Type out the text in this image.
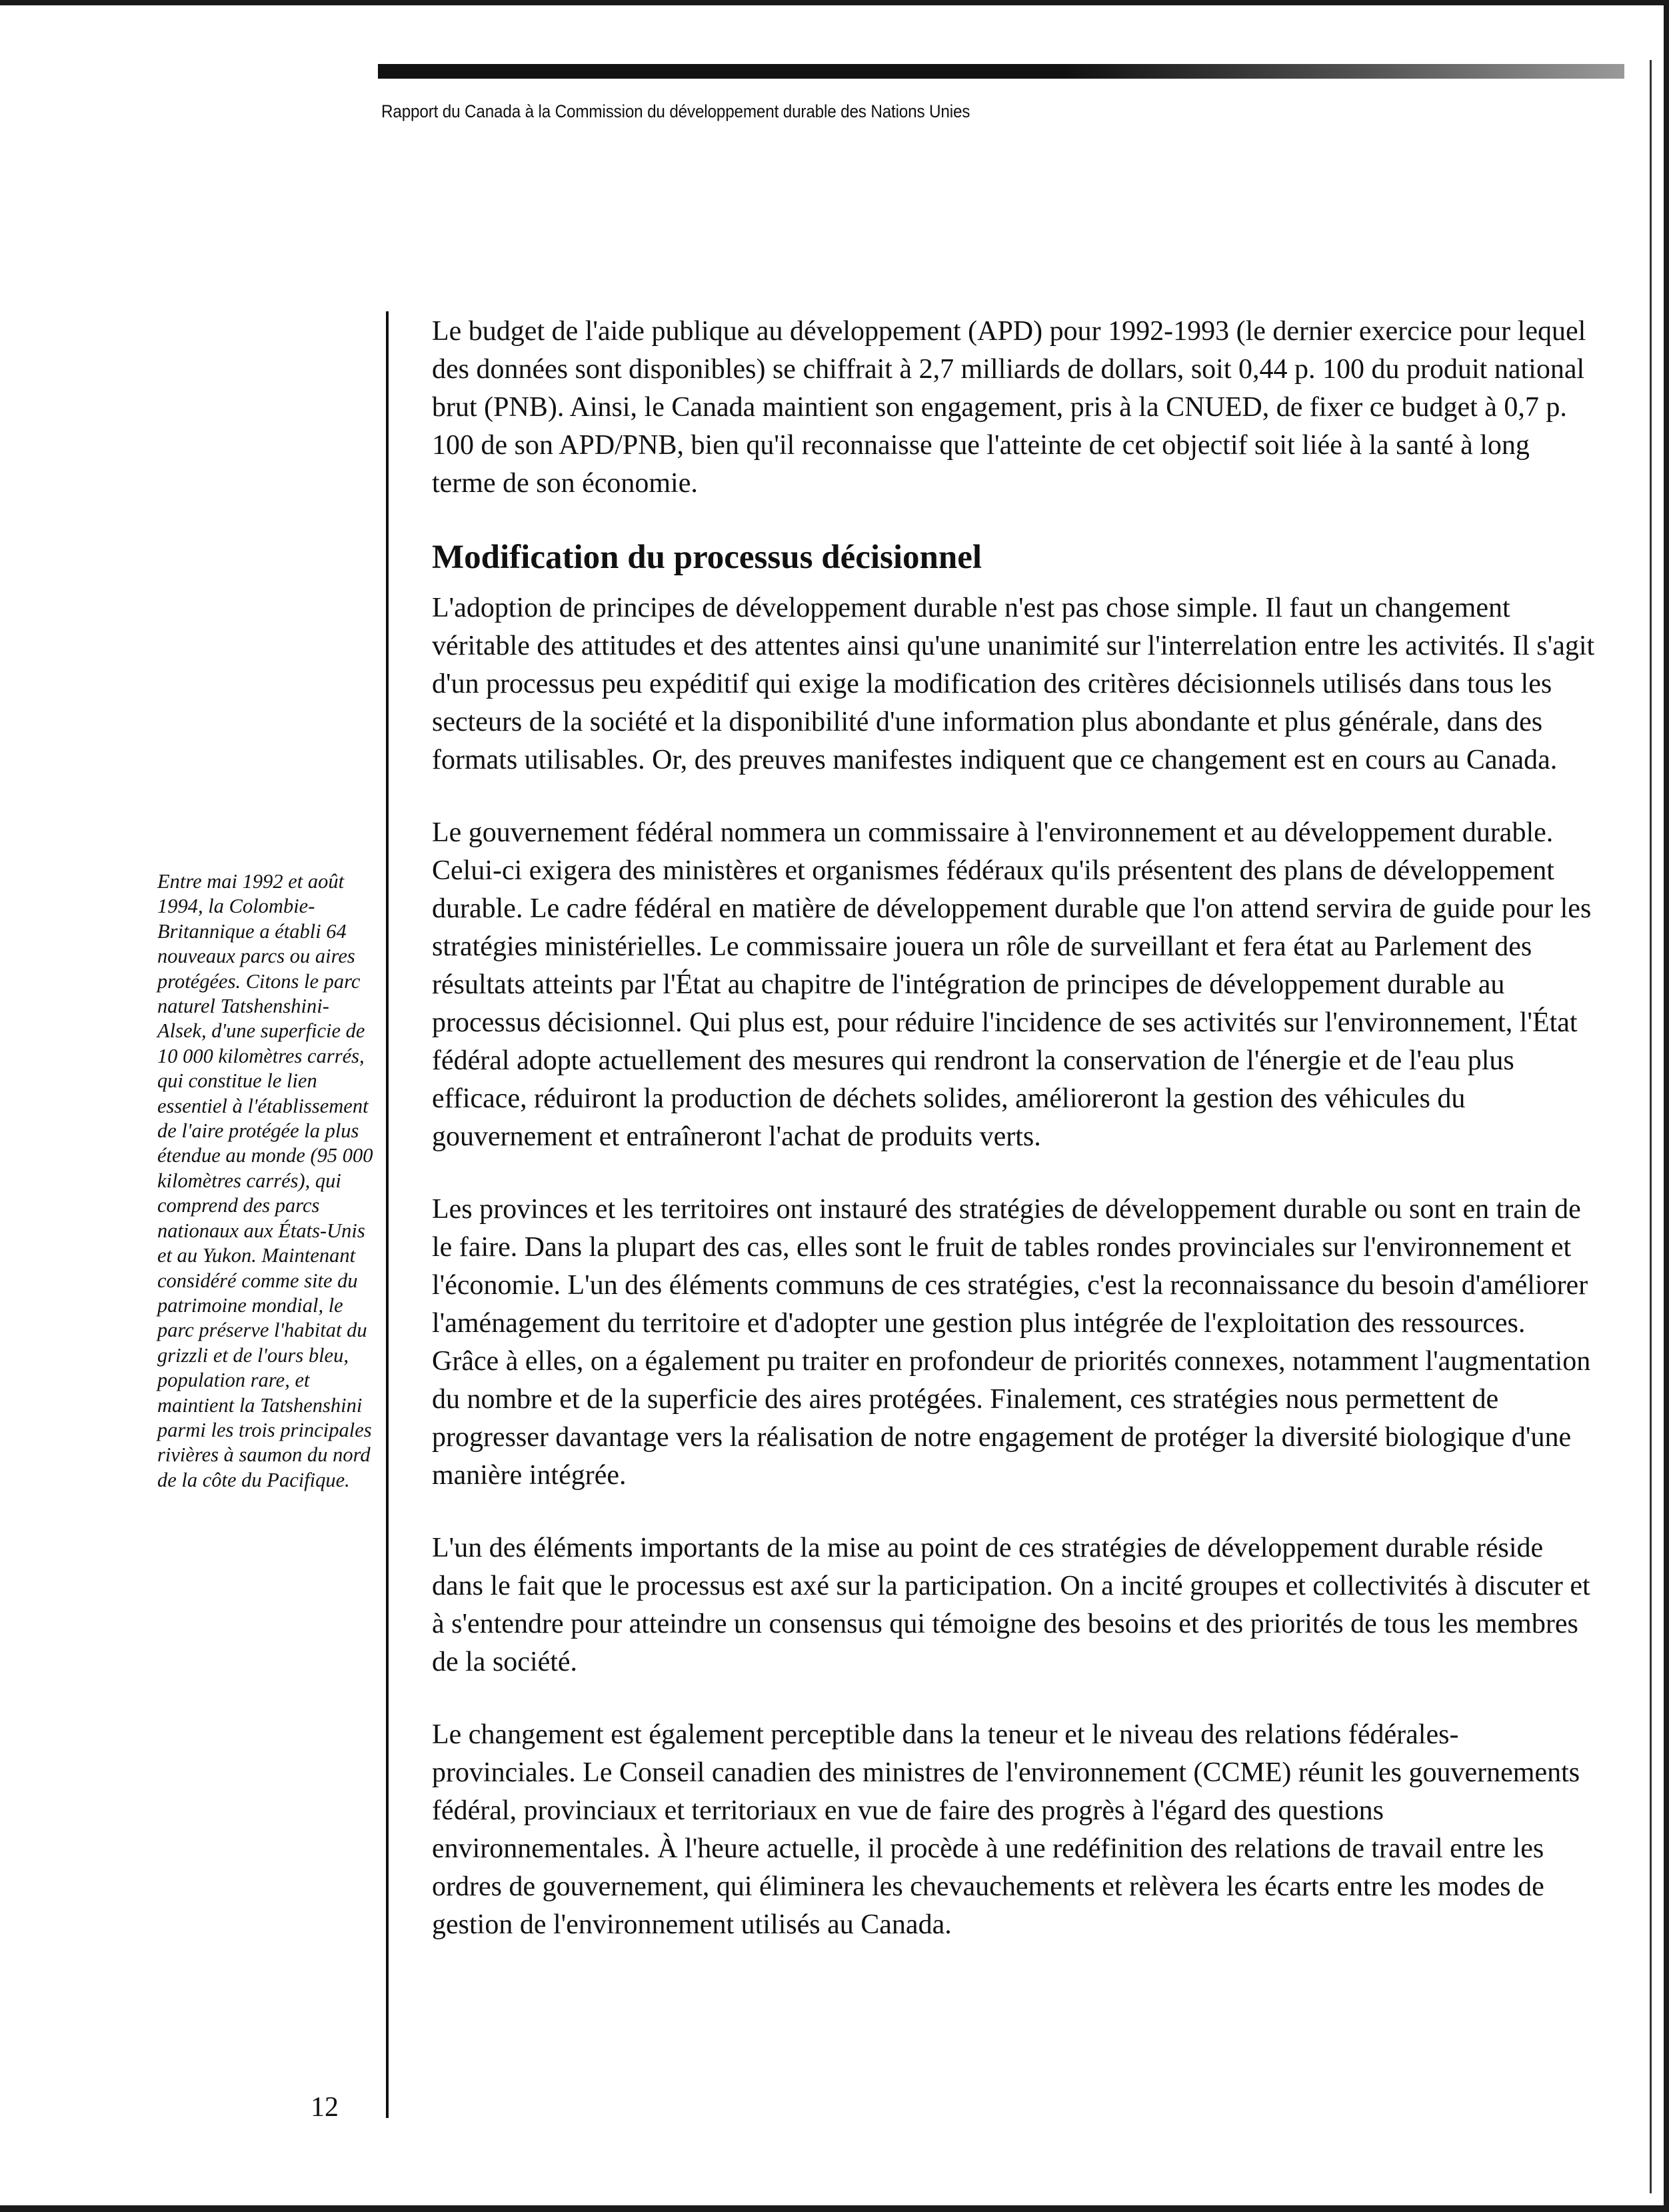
Rapport du Canada à la Commission du développement durable des Nations Unies

Entre mai 1992 et août 1994, la Colombie-Britannique a établi 64 nouveaux parcs ou aires protégées. Citons le parc naturel Tatshenshini-Alsek, d'une superficie de 10 000 kilomètres carrés, qui constitue le lien essentiel à l'établissement de l'aire protégée la plus étendue au monde (95 000 kilomètres carrés), qui comprend des parcs nationaux aux États-Unis et au Yukon. Maintenant considéré comme site du patrimoine mondial, le parc préserve l'habitat du grizzli et de l'ours bleu, population rare, et maintient la Tatshenshini parmi les trois principales rivières à saumon du nord de la côte du Pacifique.

Le budget de l'aide publique au développement (APD) pour 1992-1993 (le dernier exercice pour lequel des données sont disponibles) se chiffrait à 2,7 milliards de dollars, soit 0,44 p. 100 du produit national brut (PNB). Ainsi, le Canada maintient son engagement, pris à la CNUED, de fixer ce budget à 0,7 p. 100 de son APD/PNB, bien qu'il reconnaisse que l'atteinte de cet objectif soit liée à la santé à long terme de son économie.

Modification du processus décisionnel

L'adoption de principes de développement durable n'est pas chose simple. Il faut un changement véritable des attitudes et des attentes ainsi qu'une unanimité sur l'interrelation entre les activités. Il s'agit d'un processus peu expéditif qui exige la modification des critères décisionnels utilisés dans tous les secteurs de la société et la disponibilité d'une information plus abondante et plus générale, dans des formats utilisables. Or, des preuves manifestes indiquent que ce changement est en cours au Canada.

Le gouvernement fédéral nommera un commissaire à l'environnement et au développement durable. Celui-ci exigera des ministères et organismes fédéraux qu'ils présentent des plans de développement durable. Le cadre fédéral en matière de développement durable que l'on attend servira de guide pour les stratégies ministérielles. Le commissaire jouera un rôle de surveillant et fera état au Parlement des résultats atteints par l'État au chapitre de l'intégration de principes de développement durable au processus décisionnel. Qui plus est, pour réduire l'incidence de ses activités sur l'environnement, l'État fédéral adopte actuellement des mesures qui rendront la conservation de l'énergie et de l'eau plus efficace, réduiront la production de déchets solides, amélioreront la gestion des véhicules du gouvernement et entraîneront l'achat de produits verts.

Les provinces et les territoires ont instauré des stratégies de développement durable ou sont en train de le faire. Dans la plupart des cas, elles sont le fruit de tables rondes provinciales sur l'environnement et l'économie. L'un des éléments communs de ces stratégies, c'est la reconnaissance du besoin d'améliorer l'aménagement du territoire et d'adopter une gestion plus intégrée de l'exploitation des ressources. Grâce à elles, on a également pu traiter en profondeur de priorités connexes, notamment l'augmentation du nombre et de la superficie des aires protégées. Finalement, ces stratégies nous permettent de progresser davantage vers la réalisation de notre engagement de protéger la diversité biologique d'une manière intégrée.

L'un des éléments importants de la mise au point de ces stratégies de développement durable réside dans le fait que le processus est axé sur la participation. On a incité groupes et collectivités à discuter et à s'entendre pour atteindre un consensus qui témoigne des besoins et des priorités de tous les membres de la société.

Le changement est également perceptible dans la teneur et le niveau des relations fédérales-provinciales. Le Conseil canadien des ministres de l'environnement (CCME) réunit les gouvernements fédéral, provinciaux et territoriaux en vue de faire des progrès à l'égard des questions environnementales. À l'heure actuelle, il procède à une redéfinition des relations de travail entre les ordres de gouvernement, qui éliminera les chevauchements et relèvera les écarts entre les modes de gestion de l'environnement utilisés au Canada.

12
